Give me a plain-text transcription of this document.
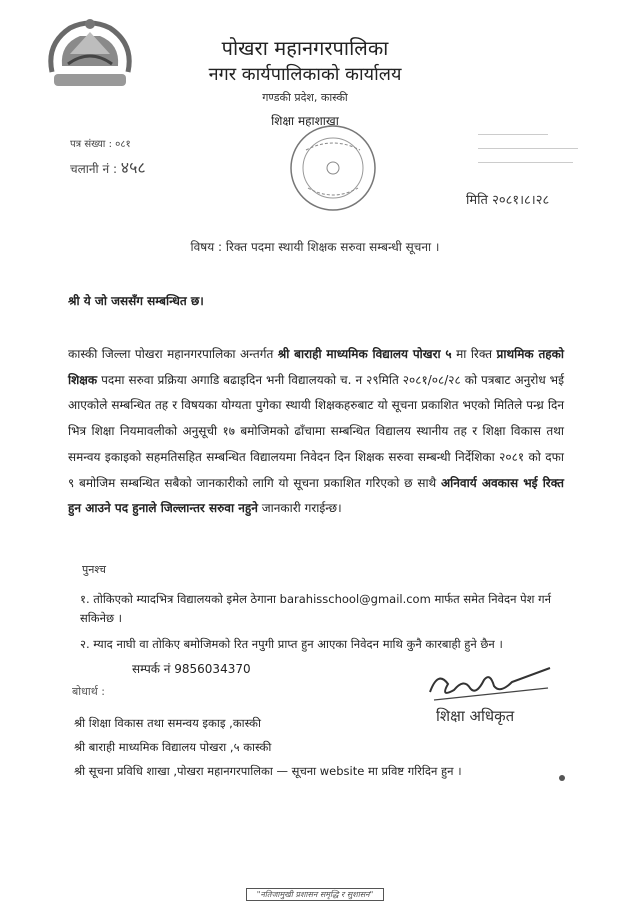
पोखरा महानगरपालिका
नगर कार्यपालिकाको कार्यालय
गण्डकी प्रदेश, कास्की
शिक्षा महाशाखा
पत्र संख्या : ०८१
चलानी नं : ४५८
मिति २०८१।८।२८
विषय : रिक्त पदमा स्थायी शिक्षक सरुवा सम्बन्धी सूचना ।
श्री ये जो जससँग सम्बन्धित छ।
कास्की जिल्ला पोखरा महानगरपालिका अन्तर्गत श्री बाराही माध्यमिक विद्यालय पोखरा ५ मा रिक्त प्राथमिक तहको शिक्षक पदमा सरुवा प्रक्रिया अगाडि बढाइदिन भनी विद्यालयको च. न २९मिति २०८१/०८/२८ को पत्रबाट अनुरोध भई आएकोले सम्बन्धित तह र विषयका योग्यता पुगेका स्थायी शिक्षकहरुबाट यो सूचना प्रकाशित भएको मितिले पन्ध्र दिन भित्र शिक्षा नियमावलीको अनुसूची १७ बमोजिमको ढाँचामा सम्बन्धित विद्यालय स्थानीय तह र शिक्षा विकास तथा समन्वय इकाइको सहमतिसहित सम्बन्धित विद्यालयमा निवेदन दिन शिक्षक सरुवा सम्बन्धी निर्देशिका २०८१ को दफा ९ बमोजिम सम्बन्धित सबैको जानकारीको लागि यो सूचना प्रकाशित गरिएको छ साथै अनिवार्य अवकास भई रिक्त हुन आउने पद हुनाले जिल्लान्तर सरुवा नहुने जानकारी गराईन्छ।
पुनश्च
१. तोकिएको म्यादभित्र विद्यालयको इमेल ठेगाना barahisschool@gmail.com मार्फत समेत निवेदन पेश गर्न सकिनेछ ।
२. म्याद नाघी वा तोकिए बमोजिमको रित नपुगी प्राप्त हुन आएका निवेदन माथि कुनै कारबाही हुने छैन ।
सम्पर्क नं 9856034370
बोधार्थ :
शिक्षा अधिकृत
श्री शिक्षा विकास तथा समन्वय इकाइ ,कास्की
श्री बाराही माध्यमिक विद्यालय पोखरा ,५ कास्की
श्री सूचना प्रविधि शाखा ,पोखरा महानगरपालिका — सूचना website मा प्रविष्ट गरिदिन हुन ।
"नतिजामुखी प्रशासन समृद्धि र सुशासन"
